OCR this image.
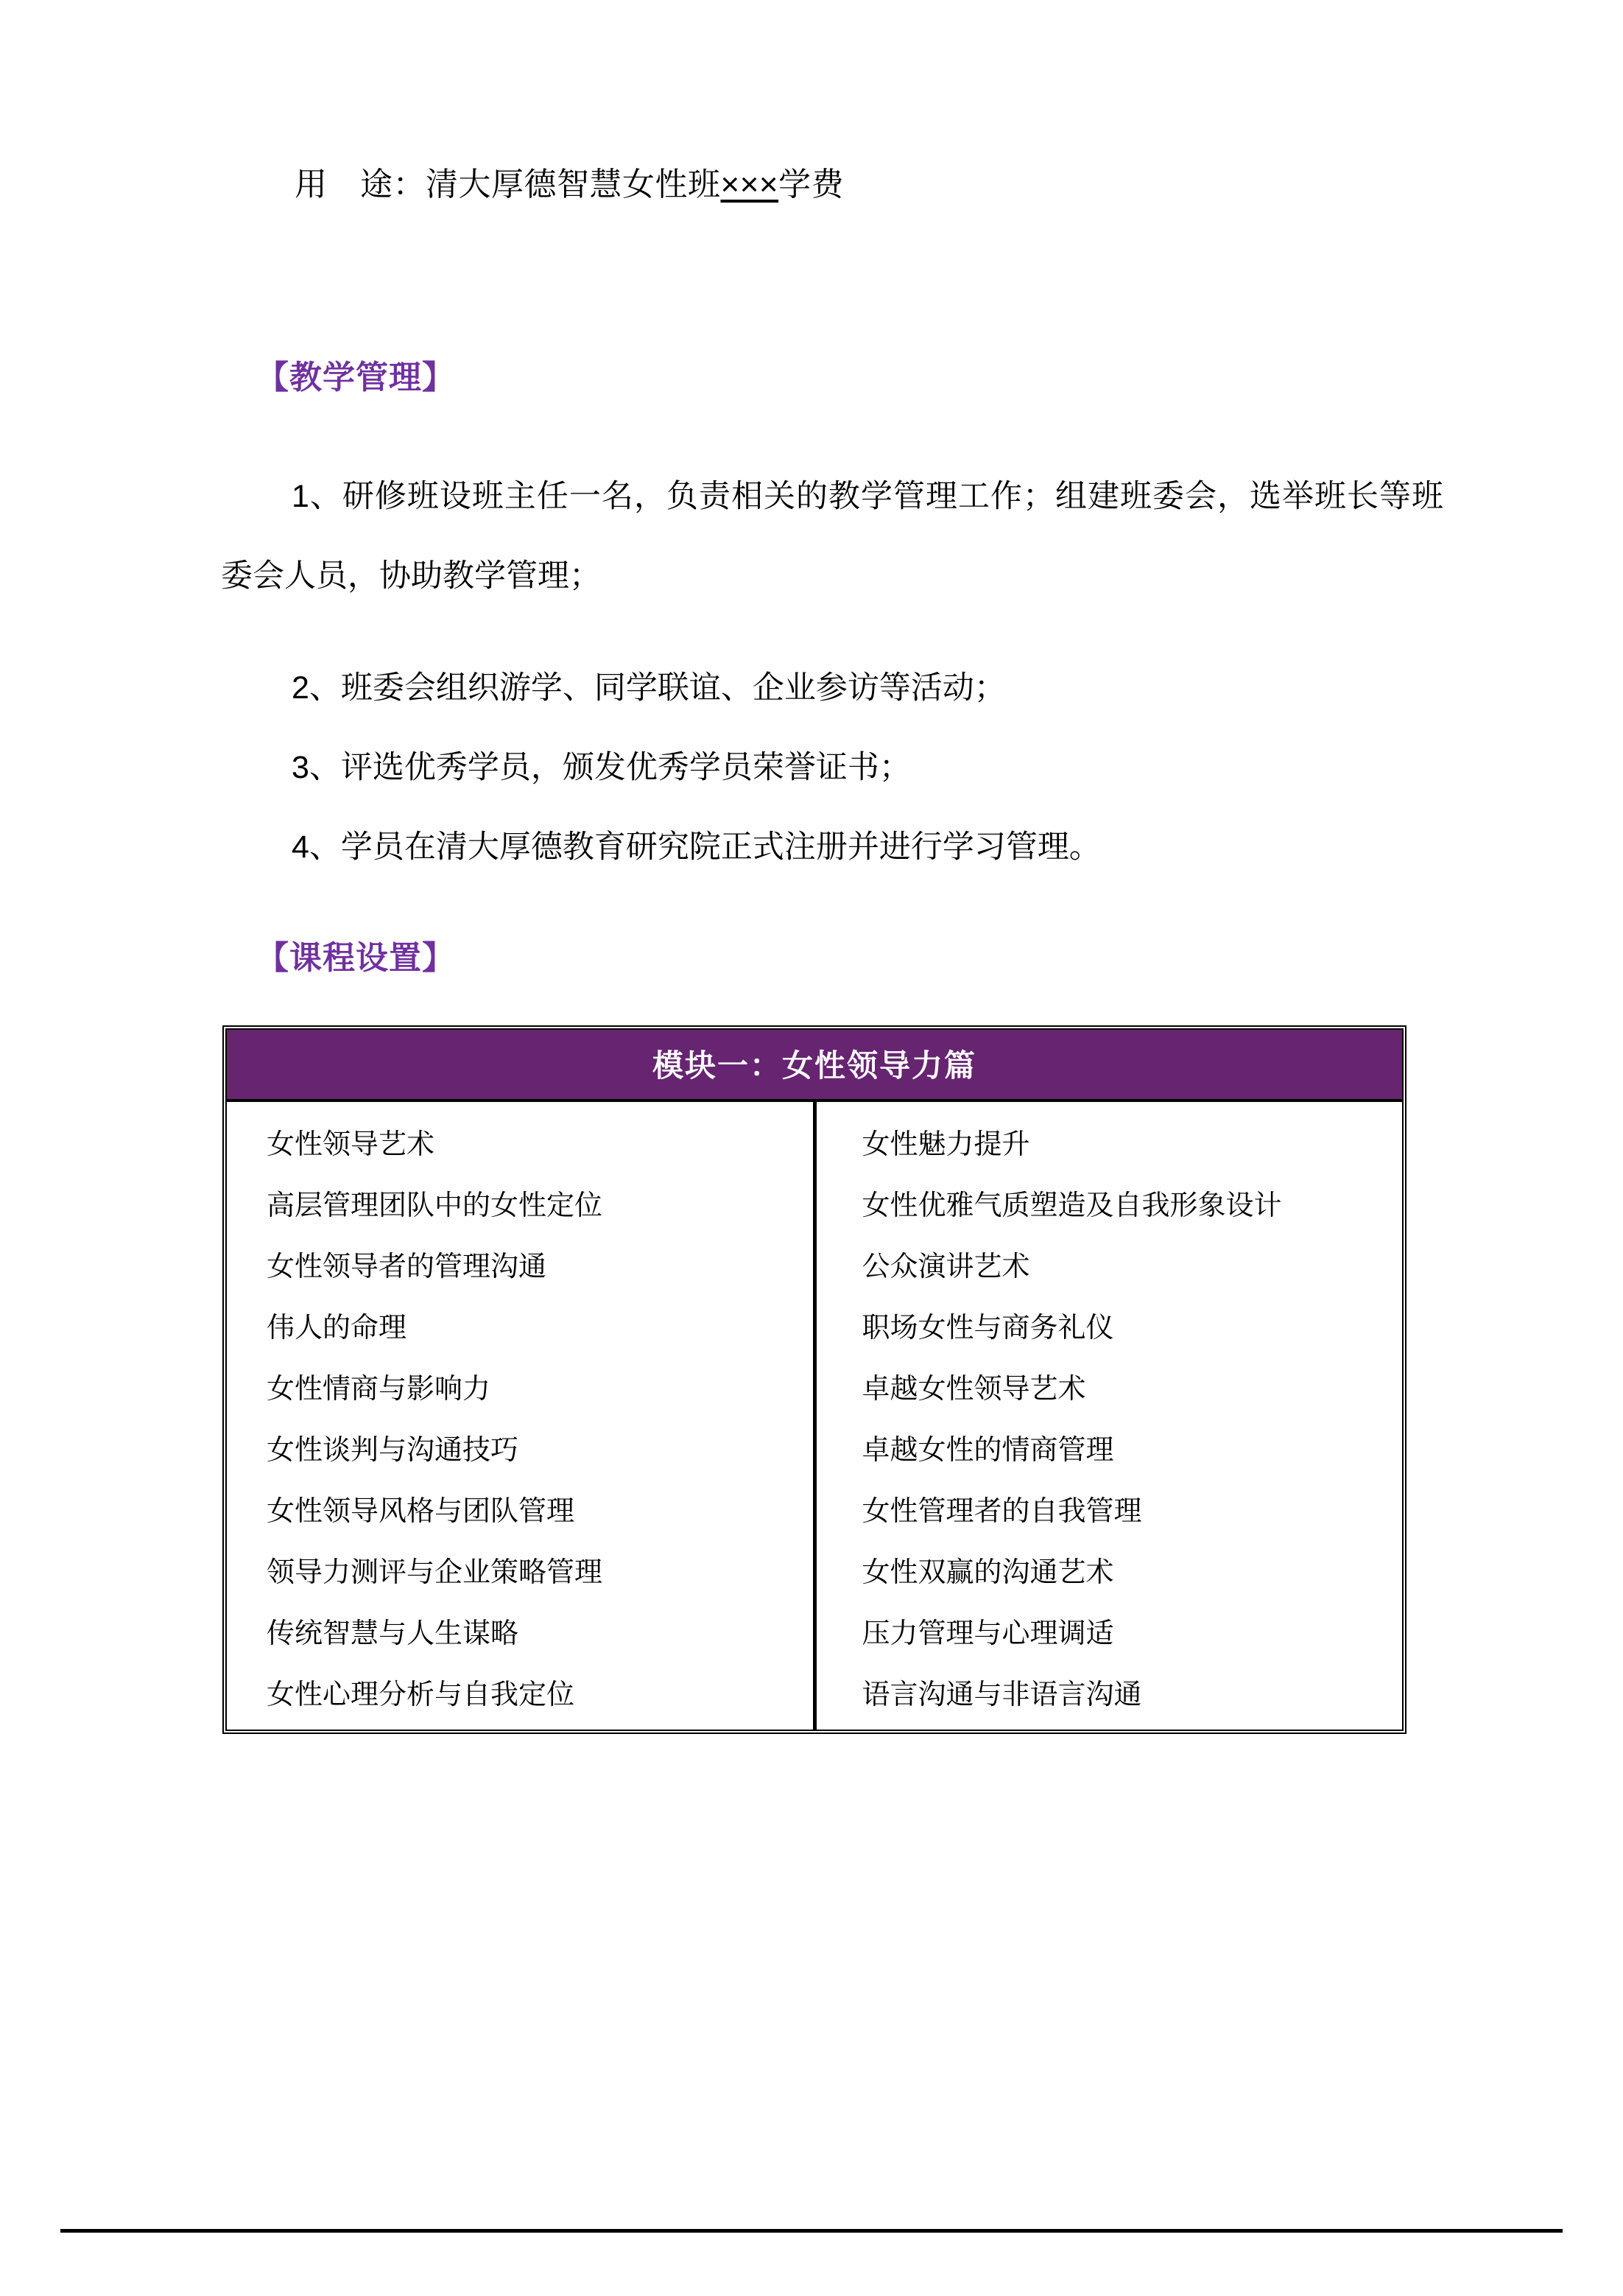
用　途：清大厚德智慧女性班×××学费
【教学管理】
1、研修班设班主任一名，负责相关的教学管理工作；组建班委会，选举班长等班委会人员，协助教学管理；
2、班委会组织游学、同学联谊、企业参访等活动；
3、评选优秀学员，颁发优秀学员荣誉证书；
4、学员在清大厚德教育研究院正式注册并进行学习管理。
【课程设置】
模块一：女性领导力篇	
女性领导艺术	女性魅力提升
高层管理团队中的女性定位	女性优雅气质塑造及自我形象设计
女性领导者的管理沟通	公众演讲艺术
伟人的命理	职场女性与商务礼仪
女性情商与影响力	卓越女性领导艺术
女性谈判与沟通技巧	卓越女性的情商管理
女性领导风格与团队管理	女性管理者的自我管理
领导力测评与企业策略管理	女性双赢的沟通艺术
传统智慧与人生谋略	压力管理与心理调适
女性心理分析与自我定位	语言沟通与非语言沟通
